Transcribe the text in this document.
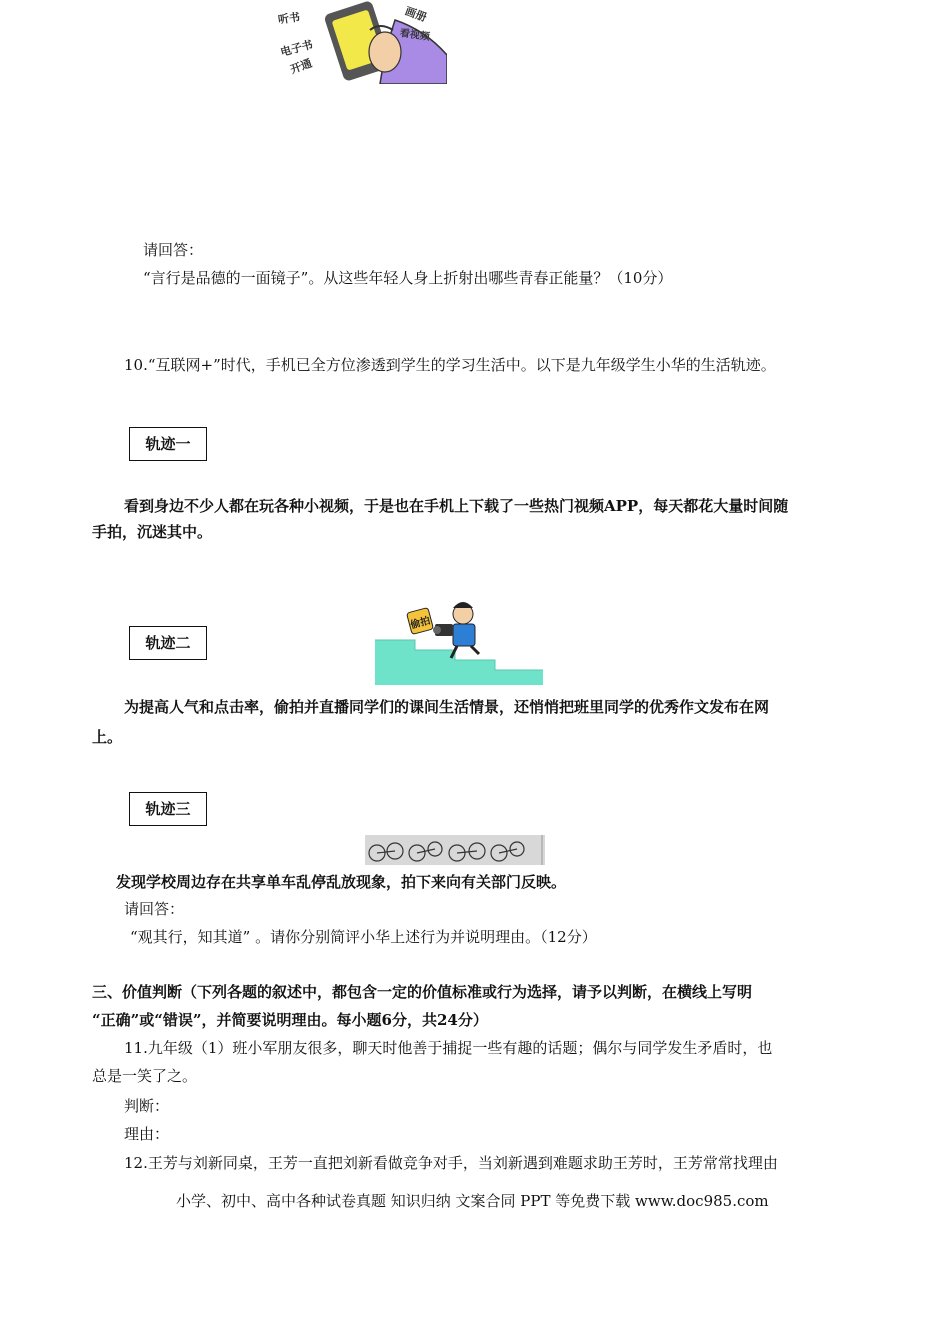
听书
电子书
开通
画册
看视频
请回答：
“言行是品德的一面镜子”。从这些年轻人身上折射出哪些青春正能量？（10分）
10.“互联网+”时代，手机已全方位渗透到学生的学习生活中。以下是九年级学生小华的生活轨迹。
轨迹一
看到身边不少人都在玩各种小视频，于是也在手机上下载了一些热门视频APP，每天都花大量时间随
手拍，沉迷其中。
偷拍
轨迹二
为提高人气和点击率，偷拍并直播同学们的课间生活情景，还悄悄把班里同学的优秀作文发布在网
上。
轨迹三
发现学校周边存在共享单车乱停乱放现象，拍下来向有关部门反映。
请回答：
“观其行，知其道” 。请你分别简评小华上述行为并说明理由。（12分）
三、价值判断（下列各题的叙述中，都包含一定的价值标准或行为选择，请予以判断，在横线上写明
“正确”或“错误”，并简要说明理由。每小题6分，共24分）
11.九年级（1）班小军朋友很多，聊天时他善于捕捉一些有趣的话题；偶尔与同学发生矛盾时，也
总是一笑了之。
判断：
理由：
12.王芳与刘新同桌，王芳一直把刘新看做竞争对手，当刘新遇到难题求助王芳时，王芳常常找理由
小学、初中、高中各种试卷真题 知识归纳 文案合同 PPT 等免费下载 www.doc985.com
